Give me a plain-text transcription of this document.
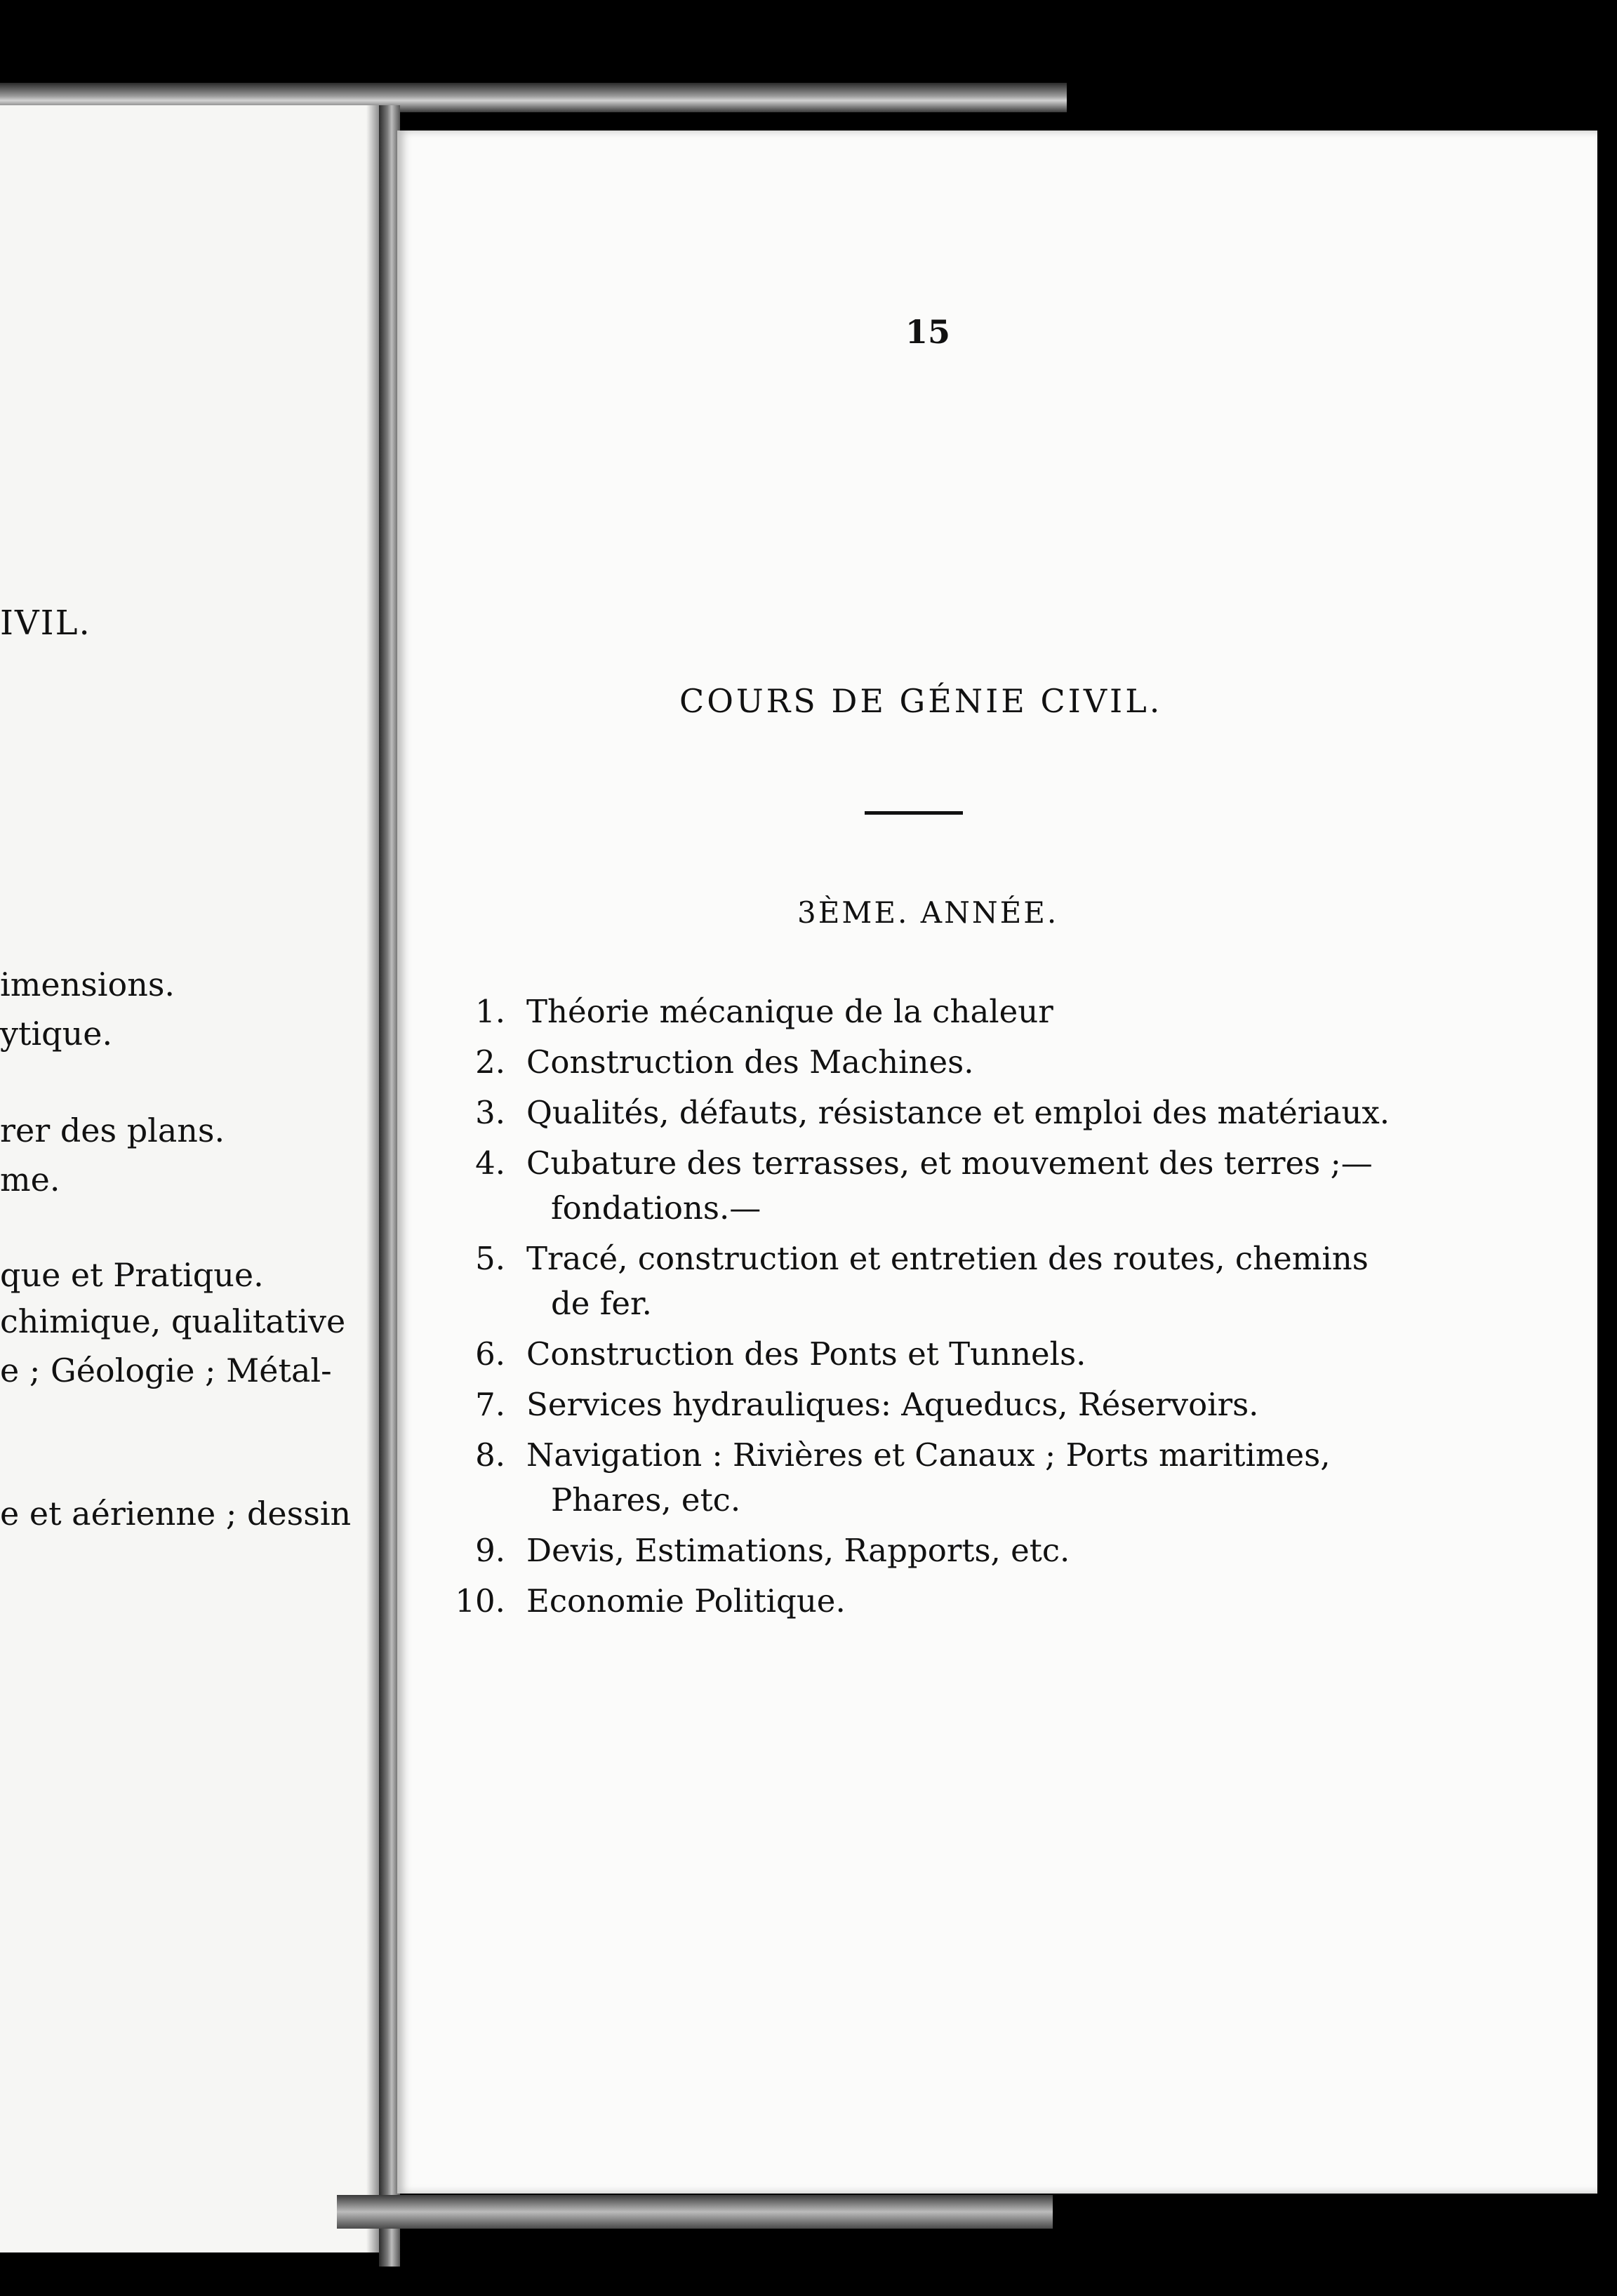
IVIL.
imensions.
ytique.
rer des plans.
me.
que et Pratique.
chimique, qualitative
e ; Géologie ; Métal-
e et aérienne ; dessin
15
COURS DE GÉNIE CIVIL.
3ÈME. ANNÉE.
1. Théorie mécanique de la chaleur
2. Construction des Machines.
3. Qualités, défauts, résistance et emploi des matériaux.
4. Cubature des terrasses, et mouvement des terres ;—
fondations.—
5. Tracé, construction et entretien des routes, chemins
de fer.
6. Construction des Ponts et Tunnels.
7. Services hydrauliques: Aqueducs, Réservoirs.
8. Navigation : Rivières et Canaux ; Ports maritimes,
Phares, etc.
9. Devis, Estimations, Rapports, etc.
10. Economie Politique.
